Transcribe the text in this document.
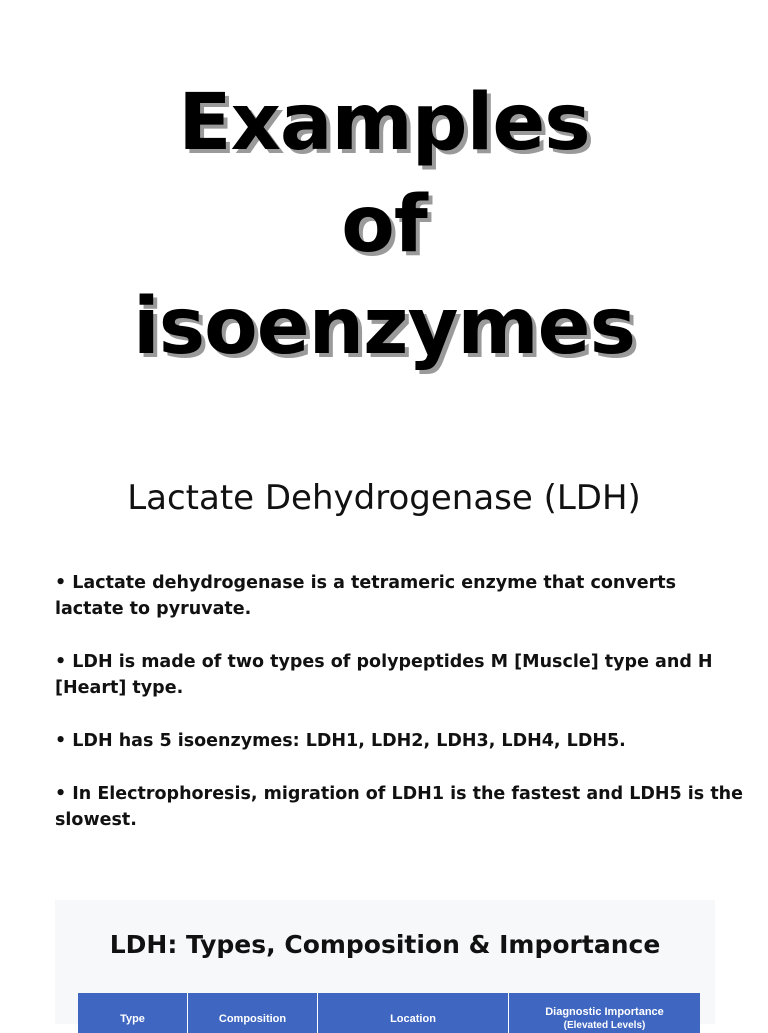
Examples
of
isoenzymes
Lactate Dehydrogenase (LDH)
• Lactate dehydrogenase is a tetrameric enzyme that converts lactate to pyruvate.
• LDH is made of two types of polypeptides M [Muscle] type and H [Heart] type.
• LDH has 5 isoenzymes: LDH1, LDH2, LDH3, LDH4, LDH5.
• In Electrophoresis, migration of LDH1 is the fastest and LDH5 is the slowest.
LDH: Types, Composition & Importance
Type	Composition	Location
Diagnostic Importance
(Elevated Levels)
